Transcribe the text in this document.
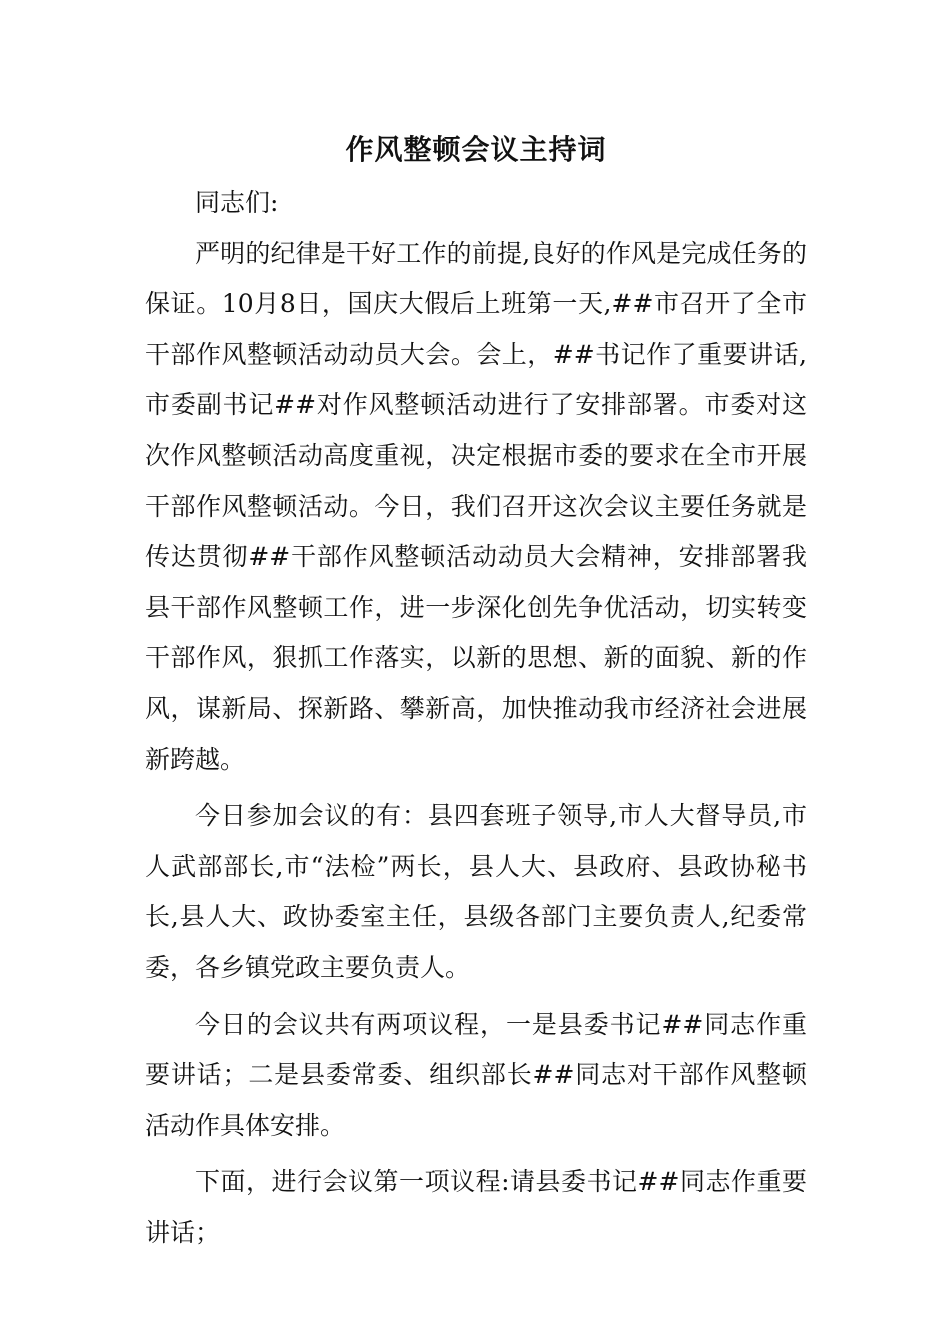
作风整顿会议主持词

同志们:

严明的纪律是干好工作的前提,良好的作风是完成任务的保证。10月8日，国庆大假后上班第一天,##市召开了全市干部作风整顿活动动员大会。会上，##书记作了重要讲话,市委副书记##对作风整顿活动进行了安排部署。市委对这次作风整顿活动高度重视，决定根据市委的要求在全市开展干部作风整顿活动。今日，我们召开这次会议主要任务就是传达贯彻##干部作风整顿活动动员大会精神，安排部署我县干部作风整顿工作，进一步深化创先争优活动，切实转变干部作风，狠抓工作落实，以新的思想、新的面貌、新的作风，谋新局、探新路、攀新高，加快推动我市经济社会进展新跨越。

今日参加会议的有：县四套班子领导,市人大督导员,市人武部部长,市“法检”两长，县人大、县政府、县政协秘书长,县人大、政协委室主任，县级各部门主要负责人,纪委常委，各乡镇党政主要负责人。

今日的会议共有两项议程，一是县委书记##同志作重要讲话；二是县委常委、组织部长##同志对干部作风整顿活动作具体安排。

下面，进行会议第一项议程:请县委书记##同志作重要讲话；
